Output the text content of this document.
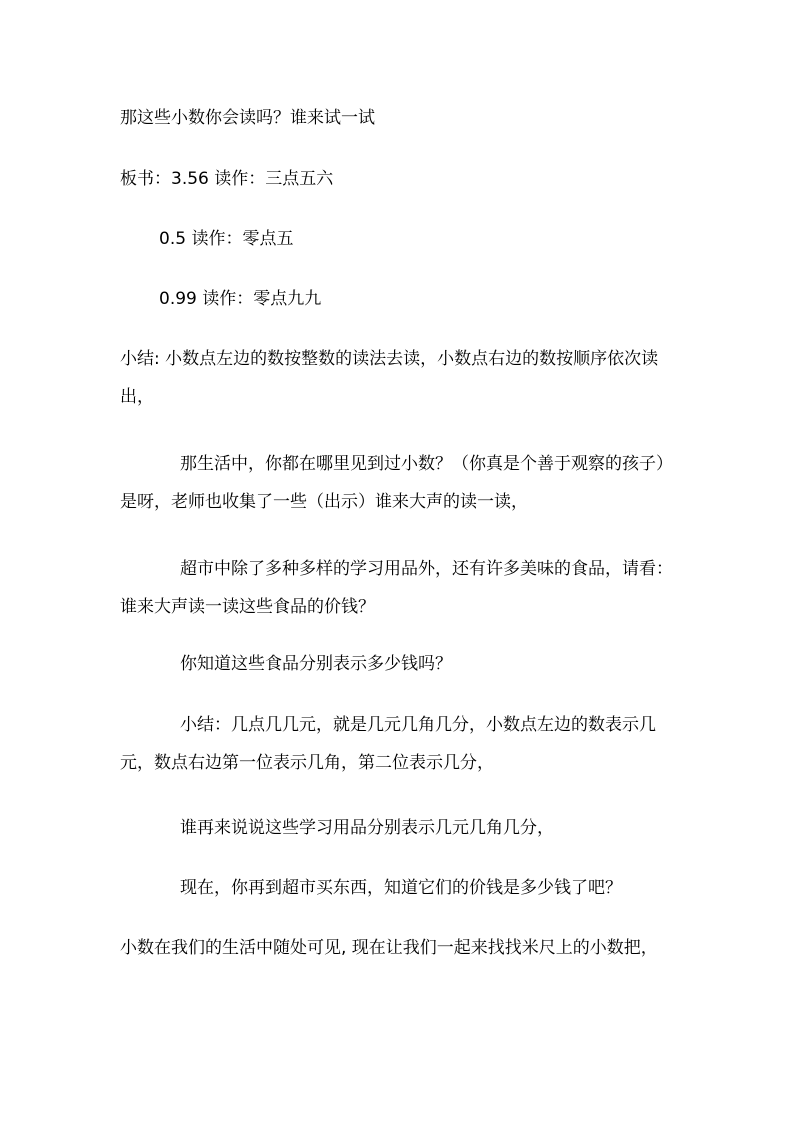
那这些小数你会读吗？谁来试一试
板书：3.56 读作：三点五六
0.5 读作：零点五
0.99 读作：零点九九
小结: 小数点左边的数按整数的读法去读，小数点右边的数按顺序依次读出，
那生活中，你都在哪里见到过小数？（你真是个善于观察的孩子）是呀，老师也收集了一些（出示）谁来大声的读一读，
超市中除了多种多样的学习用品外，还有许多美味的食品，请看：谁来大声读一读这些食品的价钱？
你知道这些食品分别表示多少钱吗？
小结：几点几几元，就是几元几角几分，小数点左边的数表示几元，数点右边第一位表示几角，第二位表示几分，
谁再来说说这些学习用品分别表示几元几角几分，
现在，你再到超市买东西，知道它们的价钱是多少钱了吧？
小数在我们的生活中随处可见, 现在让我们一起来找找米尺上的小数把，
